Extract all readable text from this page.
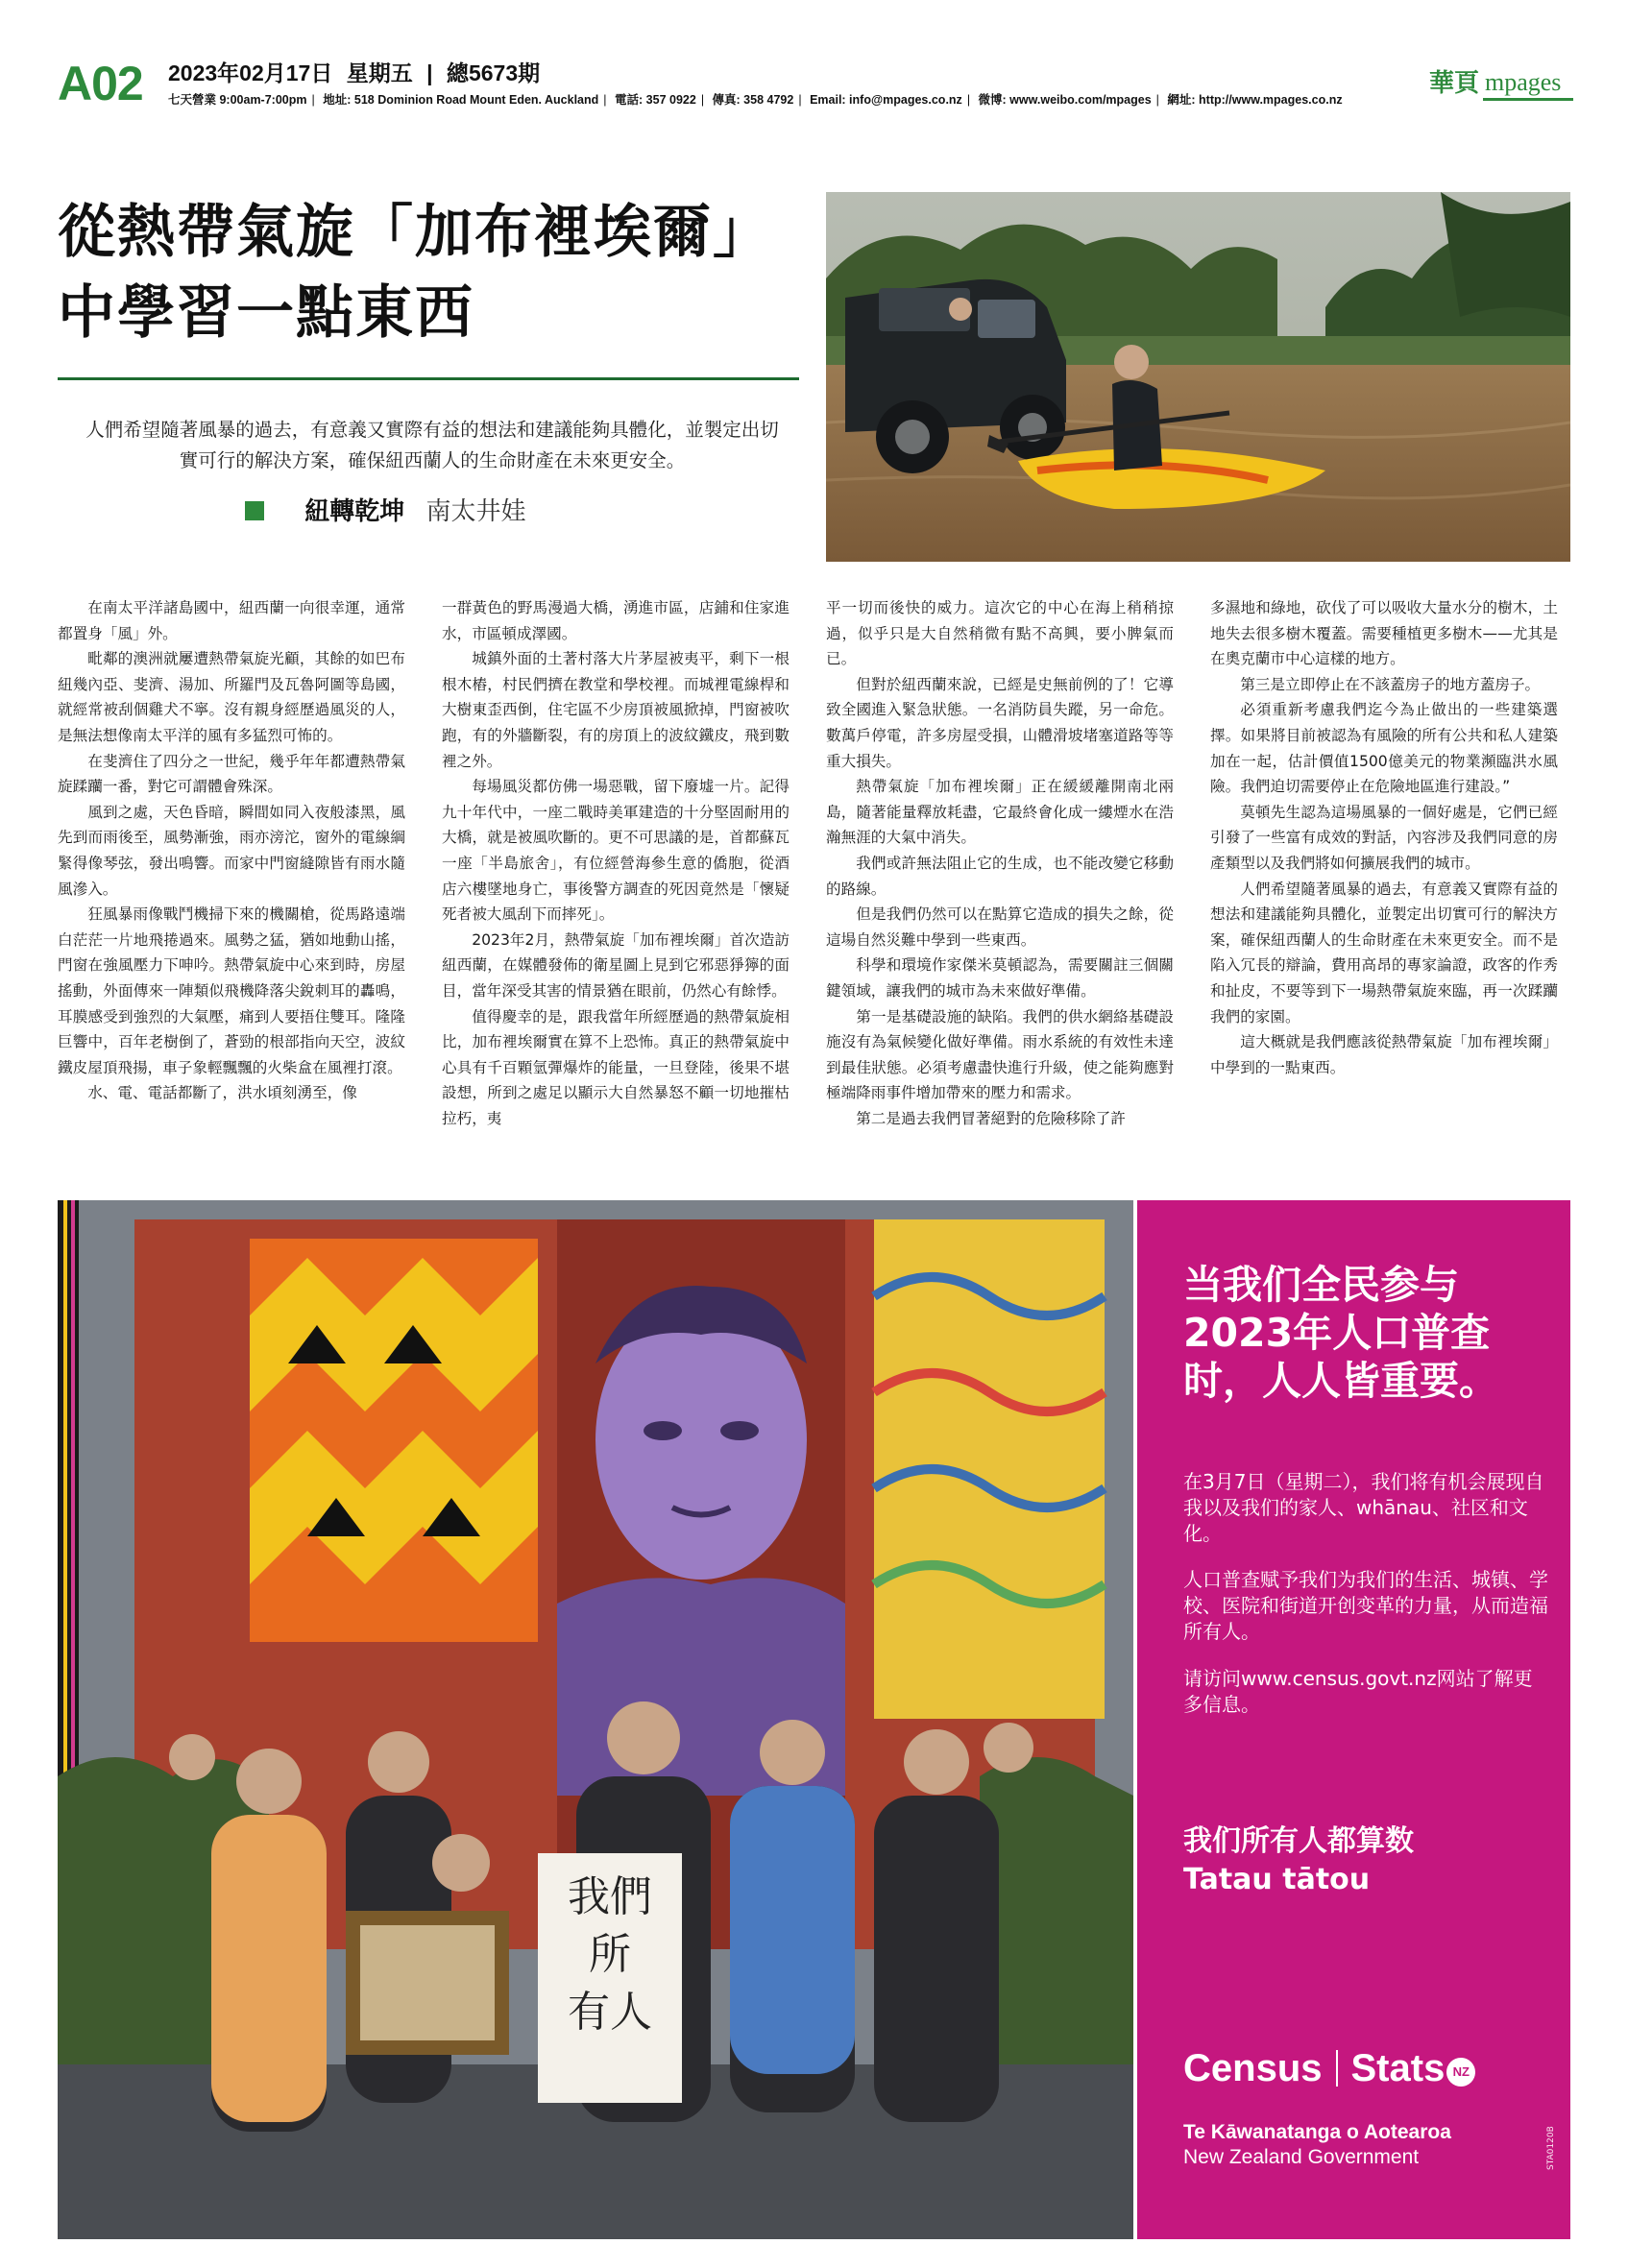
A02 2023年02月17日 星期五 | 總5673期
七天營業 9:00am-7:00pm | 地址: 518 Dominion Road Mount Eden. Auckland | 電話: 357 0922 | 傳真: 358 4792 | Email: info@mpages.co.nz | 微博: www.weibo.com/mpages | 網址: http://www.mpages.co.nz
華頁 mpages
從熱帶氣旋「加布裡埃爾」
中學習一點東西

人們希望隨著風暴的過去，有意義又實際有益的想法和建議能夠具體化，並製定出切實可行的解決方案，確保紐西蘭人的生命財產在未來更安全。

紐轉乾坤 南太井娃

在南太平洋諸島國中，紐西蘭一向很幸運，通常都置身「風」外。

毗鄰的澳洲就屢遭熱帶氣旋光顧，其餘的如巴布紐幾內亞、斐濟、湯加、所羅門及瓦魯阿圖等島國，就經常被刮個雞犬不寧。沒有親身經歷過風災的人，是無法想像南太平洋的風有多猛烈可怖的。

在斐濟住了四分之一世紀，幾乎年年都遭熱帶氣旋蹂躪一番，對它可謂體會殊深。

風到之處，天色昏暗，瞬間如同入夜般漆黑，風先到而雨後至，風勢漸強，雨亦滂沱，窗外的電線綱緊得像琴弦，發出鳴響。而家中門窗縫隙皆有雨水隨風滲入。

狂風暴雨像戰鬥機掃下來的機關槍，從馬路遠端白茫茫一片地飛捲過來。風勢之猛，猶如地動山搖，門窗在強風壓力下呻吟。熱帶氣旋中心來到時，房屋搖動，外面傳來一陣類似飛機降落尖銳刺耳的轟鳴，耳膜感受到強烈的大氣壓，痛到人要捂住雙耳。隆隆巨響中，百年老樹倒了，蒼勁的根部指向天空，波紋鐵皮屋頂飛揚，車子象輕飄飄的火柴盒在風裡打滾。

水、電、電話都斷了，洪水頃刻湧至，像

一群黃色的野馬漫過大橋，湧進市區，店鋪和住家進水，市區頓成澤國。

城鎮外面的土著村落大片茅屋被夷平，剩下一根根木樁，村民們擠在教堂和學校裡。而城裡電線桿和大樹東歪西倒，住宅區不少房頂被風掀掉，門窗被吹跑，有的外牆斷裂，有的房頂上的波紋鐵皮，飛到數裡之外。

每場風災都仿佛一場惡戰，留下廢墟一片。記得九十年代中，一座二戰時美軍建造的十分堅固耐用的大橋，就是被風吹斷的。更不可思議的是，首都蘇瓦一座「半島旅舍」，有位經營海參生意的僑胞，從酒店六樓墜地身亡，事後警方調查的死因竟然是「懷疑死者被大風刮下而摔死」。

2023年2月，熱帶氣旋「加布裡埃爾」首次造訪紐西蘭，在媒體發佈的衛星圖上見到它邪惡猙獰的面目，當年深受其害的情景猶在眼前，仍然心有餘悸。

值得慶幸的是，跟我當年所經歷過的熱帶氣旋相比，加布裡埃爾實在算不上恐怖。真正的熱帶氣旋中心具有千百顆氫彈爆炸的能量，一旦登陸，後果不堪設想，所到之處足以顯示大自然暴怒不顧一切地摧枯拉朽，夷

平一切而後快的威力。這次它的中心在海上稍稍掠過，似乎只是大自然稍微有點不高興，要小脾氣而已。

但對於紐西蘭來說，已經是史無前例的了！它導致全國進入緊急狀態。一名消防員失蹤，另一命危。數萬戶停電，許多房屋受損，山體滑坡堵塞道路等等重大損失。

熱帶氣旋「加布裡埃爾」正在緩緩離開南北兩島，隨著能量釋放耗盡，它最終會化成一縷煙水在浩瀚無涯的大氣中消失。

我們或許無法阻止它的生成，也不能改變它移動的路線。

但是我們仍然可以在點算它造成的損失之餘，從這場自然災難中學到一些東西。

科學和環境作家傑米莫頓認為，需要關註三個關鍵領域，讓我們的城市為未來做好準備。

第一是基礎設施的缺陷。我們的供水網絡基礎設施沒有為氣候變化做好準備。雨水系統的有效性未達到最佳狀態。必須考慮盡快進行升級，使之能夠應對極端降雨事件增加帶來的壓力和需求。

第二是過去我們冒著絕對的危險移除了許

多濕地和綠地，砍伐了可以吸收大量水分的樹木，土地失去很多樹木覆蓋。需要種植更多樹木——尤其是在奧克蘭市中心這樣的地方。

第三是立即停止在不該蓋房子的地方蓋房子。

必須重新考慮我們迄今為止做出的一些建築選擇。如果將目前被認為有風險的所有公共和私人建築加在一起，估計價值1500億美元的物業瀕臨洪水風險。我們迫切需要停止在危險地區進行建設。”

莫頓先生認為這場風暴的一個好處是，它們已經引發了一些富有成效的對話，內容涉及我們同意的房產類型以及我們將如何擴展我們的城市。

人們希望隨著風暴的過去，有意義又實際有益的想法和建議能夠具體化，並製定出切實可行的解決方案，確保紐西蘭人的生命財產在未來更安全。而不是陷入冗長的辯論，費用高昂的專家論證，政客的作秀和扯皮，不要等到下一場熱帶氣旋來臨，再一次蹂躪我們的家園。

這大概就是我們應該從熱帶氣旋「加布裡埃爾」中學到的一點東西。

我們
所
有人
当我们全民参与2023年人口普查时，人人皆重要。

在3月7日（星期二），我们将有机会展现自我以及我们的家人、whānau、社区和文化。

人口普查赋予我们为我们的生活、城镇、学校、医院和街道开创变革的力量，从而造福所有人。

请访问www.census.govt.nz网站了解更多信息。

我们所有人都算数
Tatau tātou
Census Stats NZ
Te Kāwanatanga o Aotearoa
New Zealand Government	STA0120B
